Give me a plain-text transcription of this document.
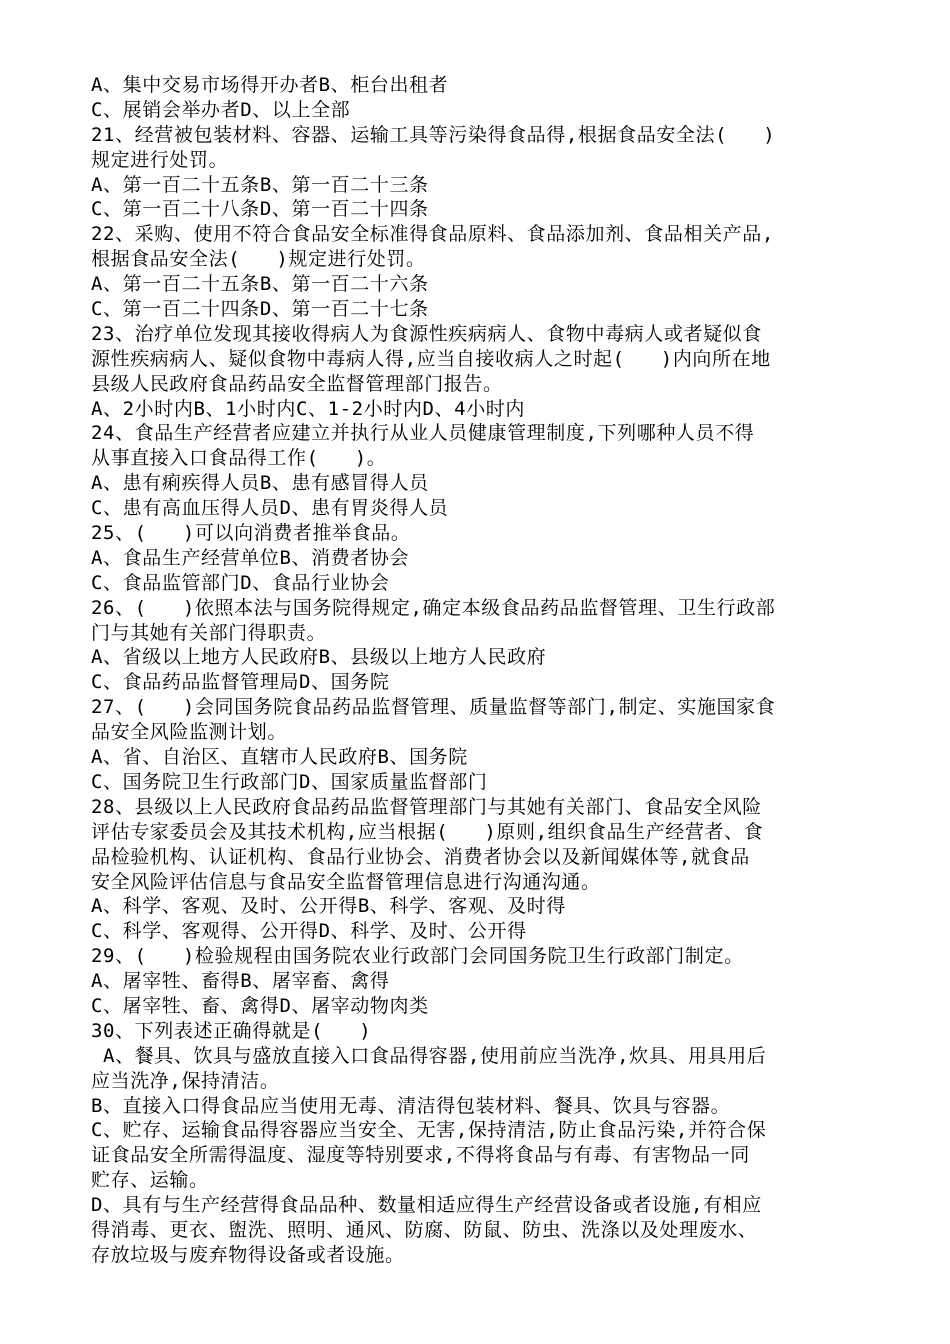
A、集中交易市场得开办者B、柜台出租者
C、展销会举办者D、以上全部
21、经营被包装材料、容器、运输工具等污染得食品得,根据食品安全法(   )
规定进行处罚。
A、第一百二十五条B、第一百二十三条
C、第一百二十八条D、第一百二十四条
22、采购、使用不符合食品安全标准得食品原料、食品添加剂、食品相关产品,
根据食品安全法(   )规定进行处罚。
A、第一百二十五条B、第一百二十六条
C、第一百二十四条D、第一百二十七条
23、治疗单位发现其接收得病人为食源性疾病病人、食物中毒病人或者疑似食
源性疾病病人、疑似食物中毒病人得,应当自接收病人之时起(   )内向所在地
县级人民政府食品药品安全监督管理部门报告。
A、2小时内B、1小时内C、1-2小时内D、4小时内
24、食品生产经营者应建立并执行从业人员健康管理制度,下列哪种人员不得
从事直接入口食品得工作(   )。
A、患有痢疾得人员B、患有感冒得人员
C、患有高血压得人员D、患有胃炎得人员
25、(   )可以向消费者推举食品。
A、食品生产经营单位B、消费者协会
C、食品监管部门D、食品行业协会
26、(   )依照本法与国务院得规定,确定本级食品药品监督管理、卫生行政部
门与其她有关部门得职责。
A、省级以上地方人民政府B、县级以上地方人民政府
C、食品药品监督管理局D、国务院
27、(   )会同国务院食品药品监督管理、质量监督等部门,制定、实施国家食
品安全风险监测计划。
A、省、自治区、直辖市人民政府B、国务院
C、国务院卫生行政部门D、国家质量监督部门
28、县级以上人民政府食品药品监督管理部门与其她有关部门、食品安全风险
评估专家委员会及其技术机构,应当根据(   )原则,组织食品生产经营者、食
品检验机构、认证机构、食品行业协会、消费者协会以及新闻媒体等,就食品
安全风险评估信息与食品安全监督管理信息进行沟通沟通。
A、科学、客观、及时、公开得B、科学、客观、及时得
C、科学、客观得、公开得D、科学、及时、公开得
29、(   )检验规程由国务院农业行政部门会同国务院卫生行政部门制定。
A、屠宰牲、畜得B、屠宰畜、禽得
C、屠宰牲、畜、禽得D、屠宰动物肉类
30、下列表述正确得就是(   )
A、餐具、饮具与盛放直接入口食品得容器,使用前应当洗净,炊具、用具用后
应当洗净,保持清洁。
B、直接入口得食品应当使用无毒、清洁得包装材料、餐具、饮具与容器。
C、贮存、运输食品得容器应当安全、无害,保持清洁,防止食品污染,并符合保
证食品安全所需得温度、湿度等特别要求,不得将食品与有毒、有害物品一同
贮存、运输。
D、具有与生产经营得食品品种、数量相适应得生产经营设备或者设施,有相应
得消毒、更衣、盥洗、照明、通风、防腐、防鼠、防虫、洗涤以及处理废水、
存放垃圾与废弃物得设备或者设施。
